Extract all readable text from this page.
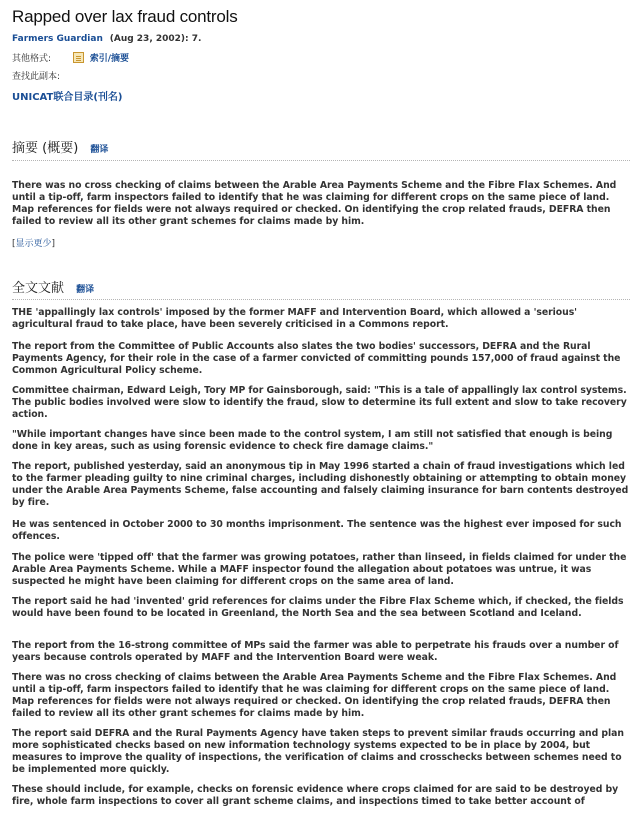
Rapped over lax fraud controls
Farmers Guardian (Aug 23, 2002): 7.
其他格式:	索引/摘要
查找此副本:
UNICAT联合目录(刊名)
摘要 (概要) 翻译

There was no cross checking of claims between the Arable Area Payments Scheme and the Fibre Flax Schemes. And until a tip-off, farm inspectors failed to identify that he was claiming for different crops on the same piece of land. Map references for fields were not always required or checked. On identifying the crop related frauds, DEFRA then failed to review all its other grant schemes for claims made by him.

[显示更少]
全文文献 翻译

THE 'appallingly lax controls' imposed by the former MAFF and Intervention Board, which allowed a 'serious' agricultural fraud to take place, have been severely criticised in a Commons report.

The report from the Committee of Public Accounts also slates the two bodies' successors, DEFRA and the Rural Payments Agency, for their role in the case of a farmer convicted of committing pounds 157,000 of fraud against the Common Agricultural Policy scheme.

Committee chairman, Edward Leigh, Tory MP for Gainsborough, said: "This is a tale of appallingly lax control systems. The public bodies involved were slow to identify the fraud, slow to determine its full extent and slow to take recovery action.

"While important changes have since been made to the control system, I am still not satisfied that enough is being done in key areas, such as using forensic evidence to check fire damage claims."

The report, published yesterday, said an anonymous tip in May 1996 started a chain of fraud investigations which led to the farmer pleading guilty to nine criminal charges, including dishonestly obtaining or attempting to obtain money under the Arable Area Payments Scheme, false accounting and falsely claiming insurance for barn contents destroyed by fire.

He was sentenced in October 2000 to 30 months imprisonment. The sentence was the highest ever imposed for such offences.

The police were 'tipped off' that the farmer was growing potatoes, rather than linseed, in fields claimed for under the Arable Area Payments Scheme. While a MAFF inspector found the allegation about potatoes was untrue, it was suspected he might have been claiming for different crops on the same area of land.

The report said he had 'invented' grid references for claims under the Fibre Flax Scheme which, if checked, the fields would have been found to be located in Greenland, the North Sea and the sea between Scotland and Iceland.

The report from the 16-strong committee of MPs said the farmer was able to perpetrate his frauds over a number of years because controls operated by MAFF and the Intervention Board were weak.

There was no cross checking of claims between the Arable Area Payments Scheme and the Fibre Flax Schemes. And until a tip-off, farm inspectors failed to identify that he was claiming for different crops on the same piece of land. Map references for fields were not always required or checked. On identifying the crop related frauds, DEFRA then failed to review all its other grant schemes for claims made by him.

The report said DEFRA and the Rural Payments Agency have taken steps to prevent similar frauds occurring and plan more sophisticated checks based on new information technology systems expected to be in place by 2004, but measures to improve the quality of inspections, the verification of claims and crosschecks between schemes need to be implemented more quickly.

These should include, for example, checks on forensic evidence where crops claimed for are said to be destroyed by fire, whole farm inspections to cover all grant scheme claims, and inspections timed to take better account of
